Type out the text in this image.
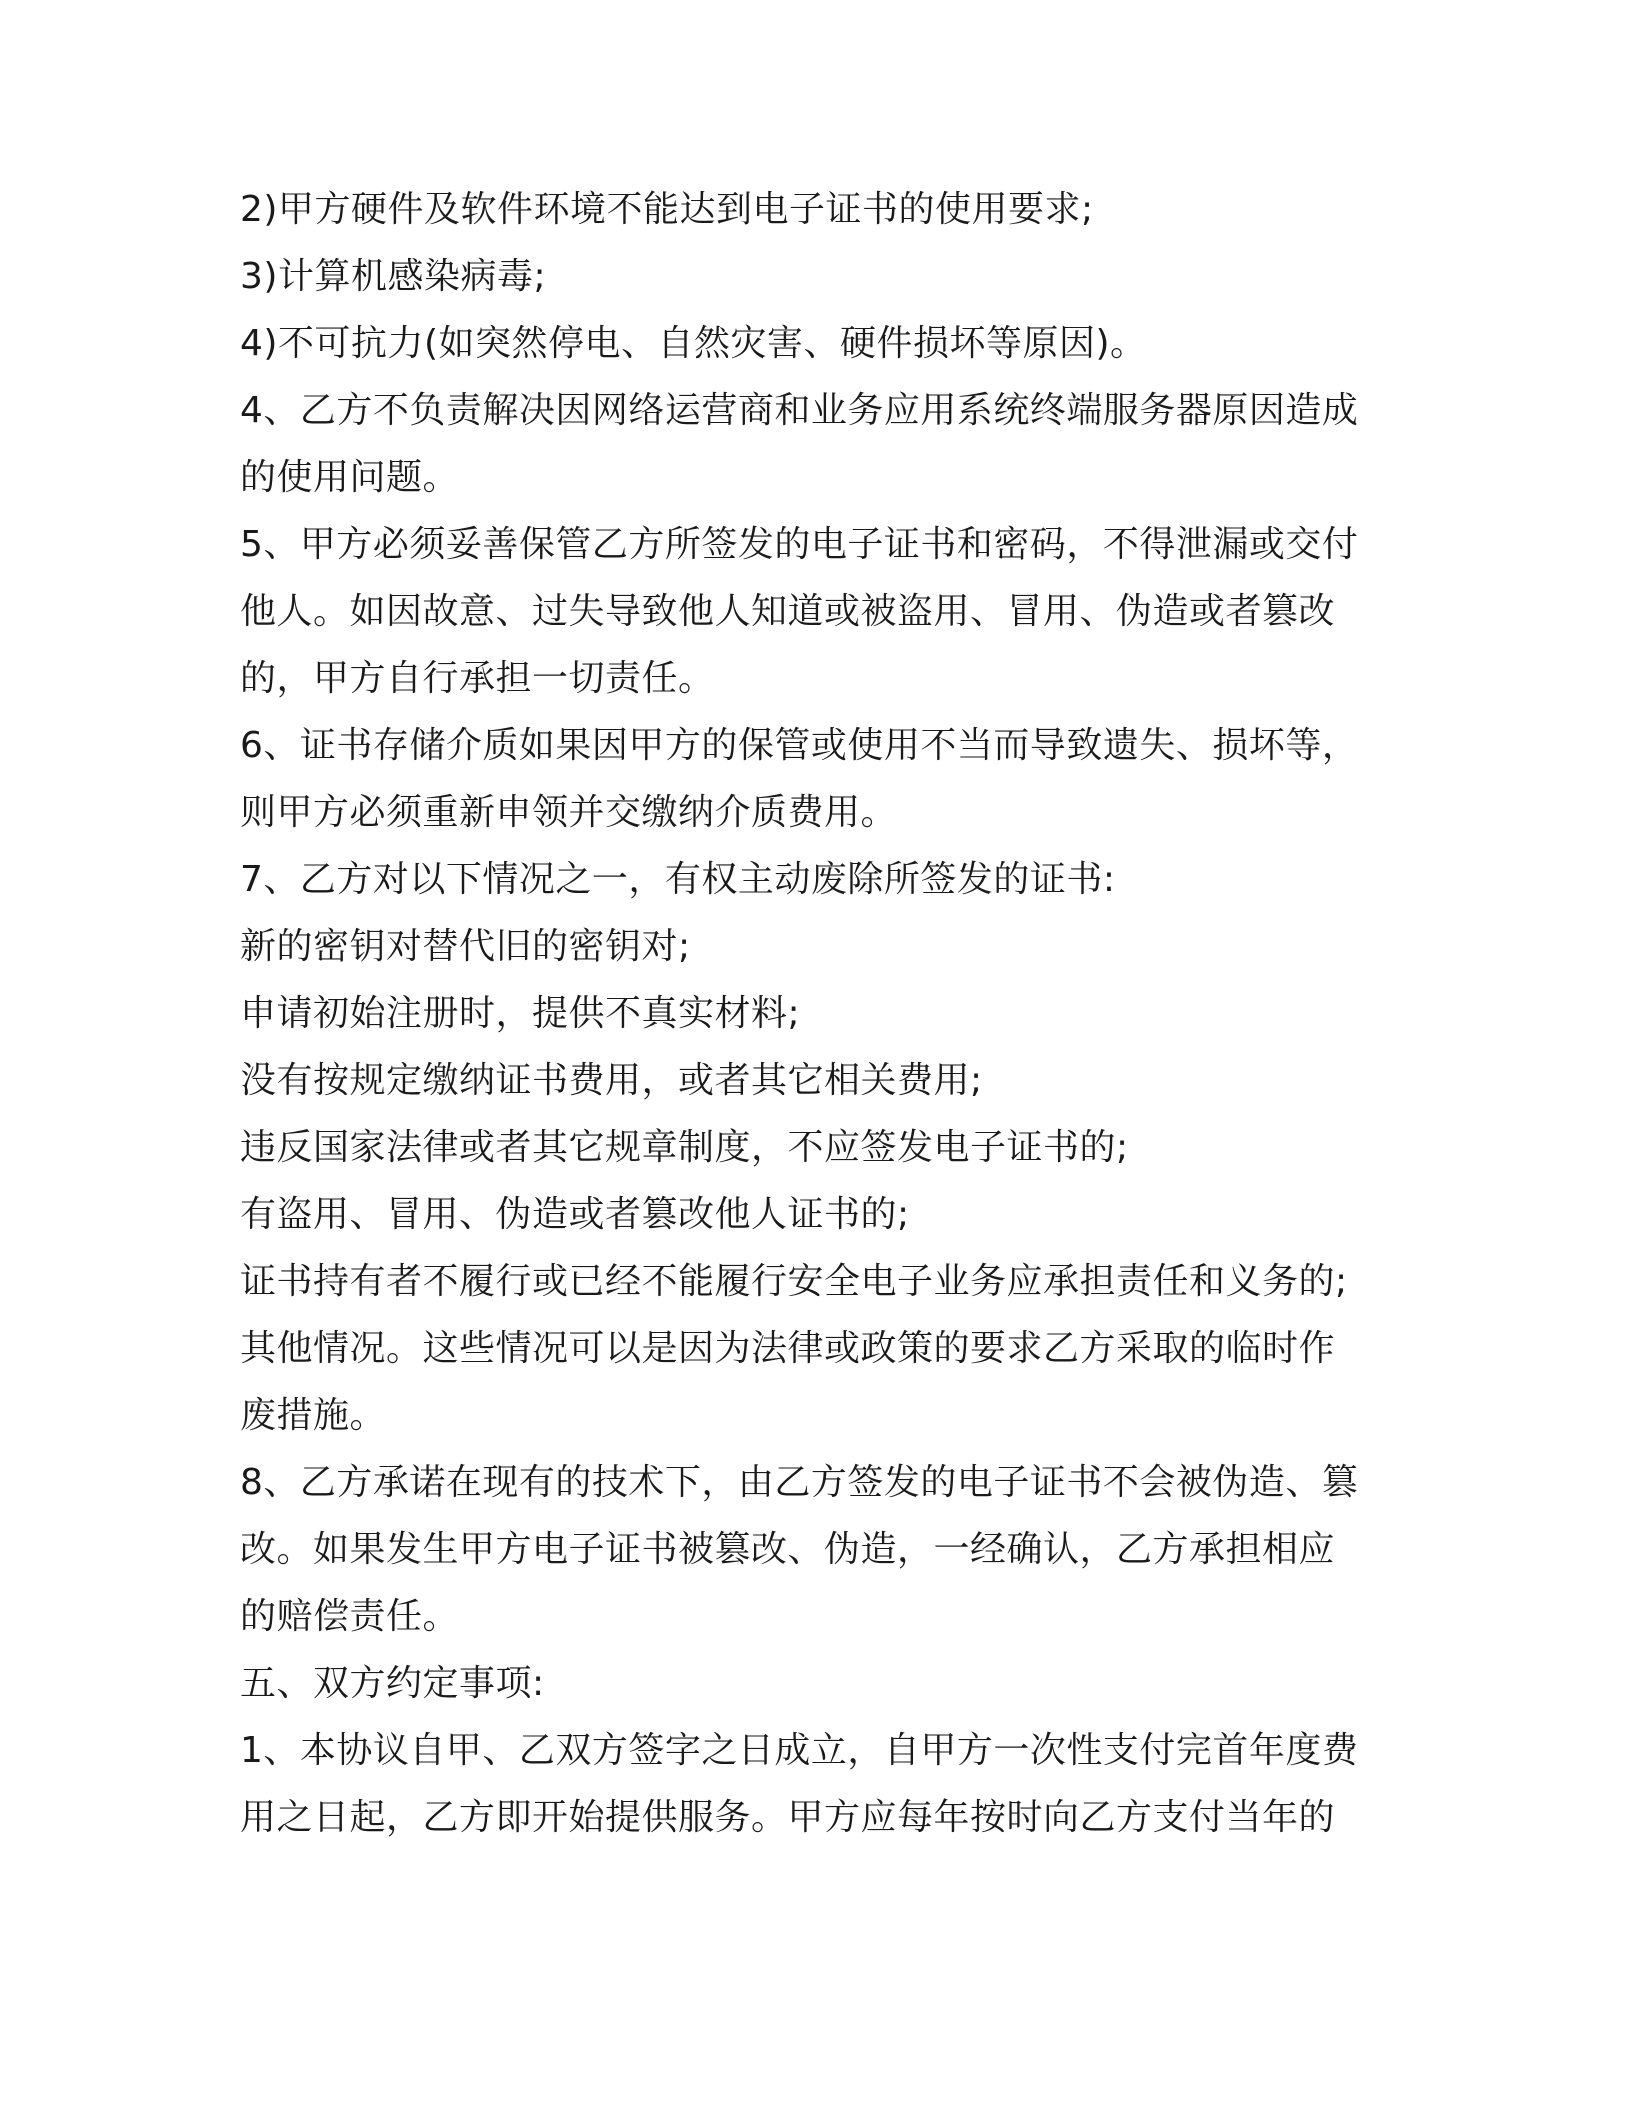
2)甲方硬件及软件环境不能达到电子证书的使用要求;
3)计算机感染病毒;
4)不可抗力(如突然停电、自然灾害、硬件损坏等原因)。
4、乙方不负责解决因网络运营商和业务应用系统终端服务器原因造成
的使用问题。
5、甲方必须妥善保管乙方所签发的电子证书和密码，不得泄漏或交付
他人。如因故意、过失导致他人知道或被盗用、冒用、伪造或者篡改
的，甲方自行承担一切责任。
6、证书存储介质如果因甲方的保管或使用不当而导致遗失、损坏等，
则甲方必须重新申领并交缴纳介质费用。
7、乙方对以下情况之一，有权主动废除所签发的证书:
新的密钥对替代旧的密钥对;
申请初始注册时，提供不真实材料;
没有按规定缴纳证书费用，或者其它相关费用;
违反国家法律或者其它规章制度，不应签发电子证书的;
有盗用、冒用、伪造或者篡改他人证书的;
证书持有者不履行或已经不能履行安全电子业务应承担责任和义务的;
其他情况。这些情况可以是因为法律或政策的要求乙方采取的临时作
废措施。
8、乙方承诺在现有的技术下，由乙方签发的电子证书不会被伪造、篡
改。如果发生甲方电子证书被篡改、伪造，一经确认，乙方承担相应
的赔偿责任。
五、双方约定事项:
1、本协议自甲、乙双方签字之日成立，自甲方一次性支付完首年度费
用之日起，乙方即开始提供服务。甲方应每年按时向乙方支付当年的
